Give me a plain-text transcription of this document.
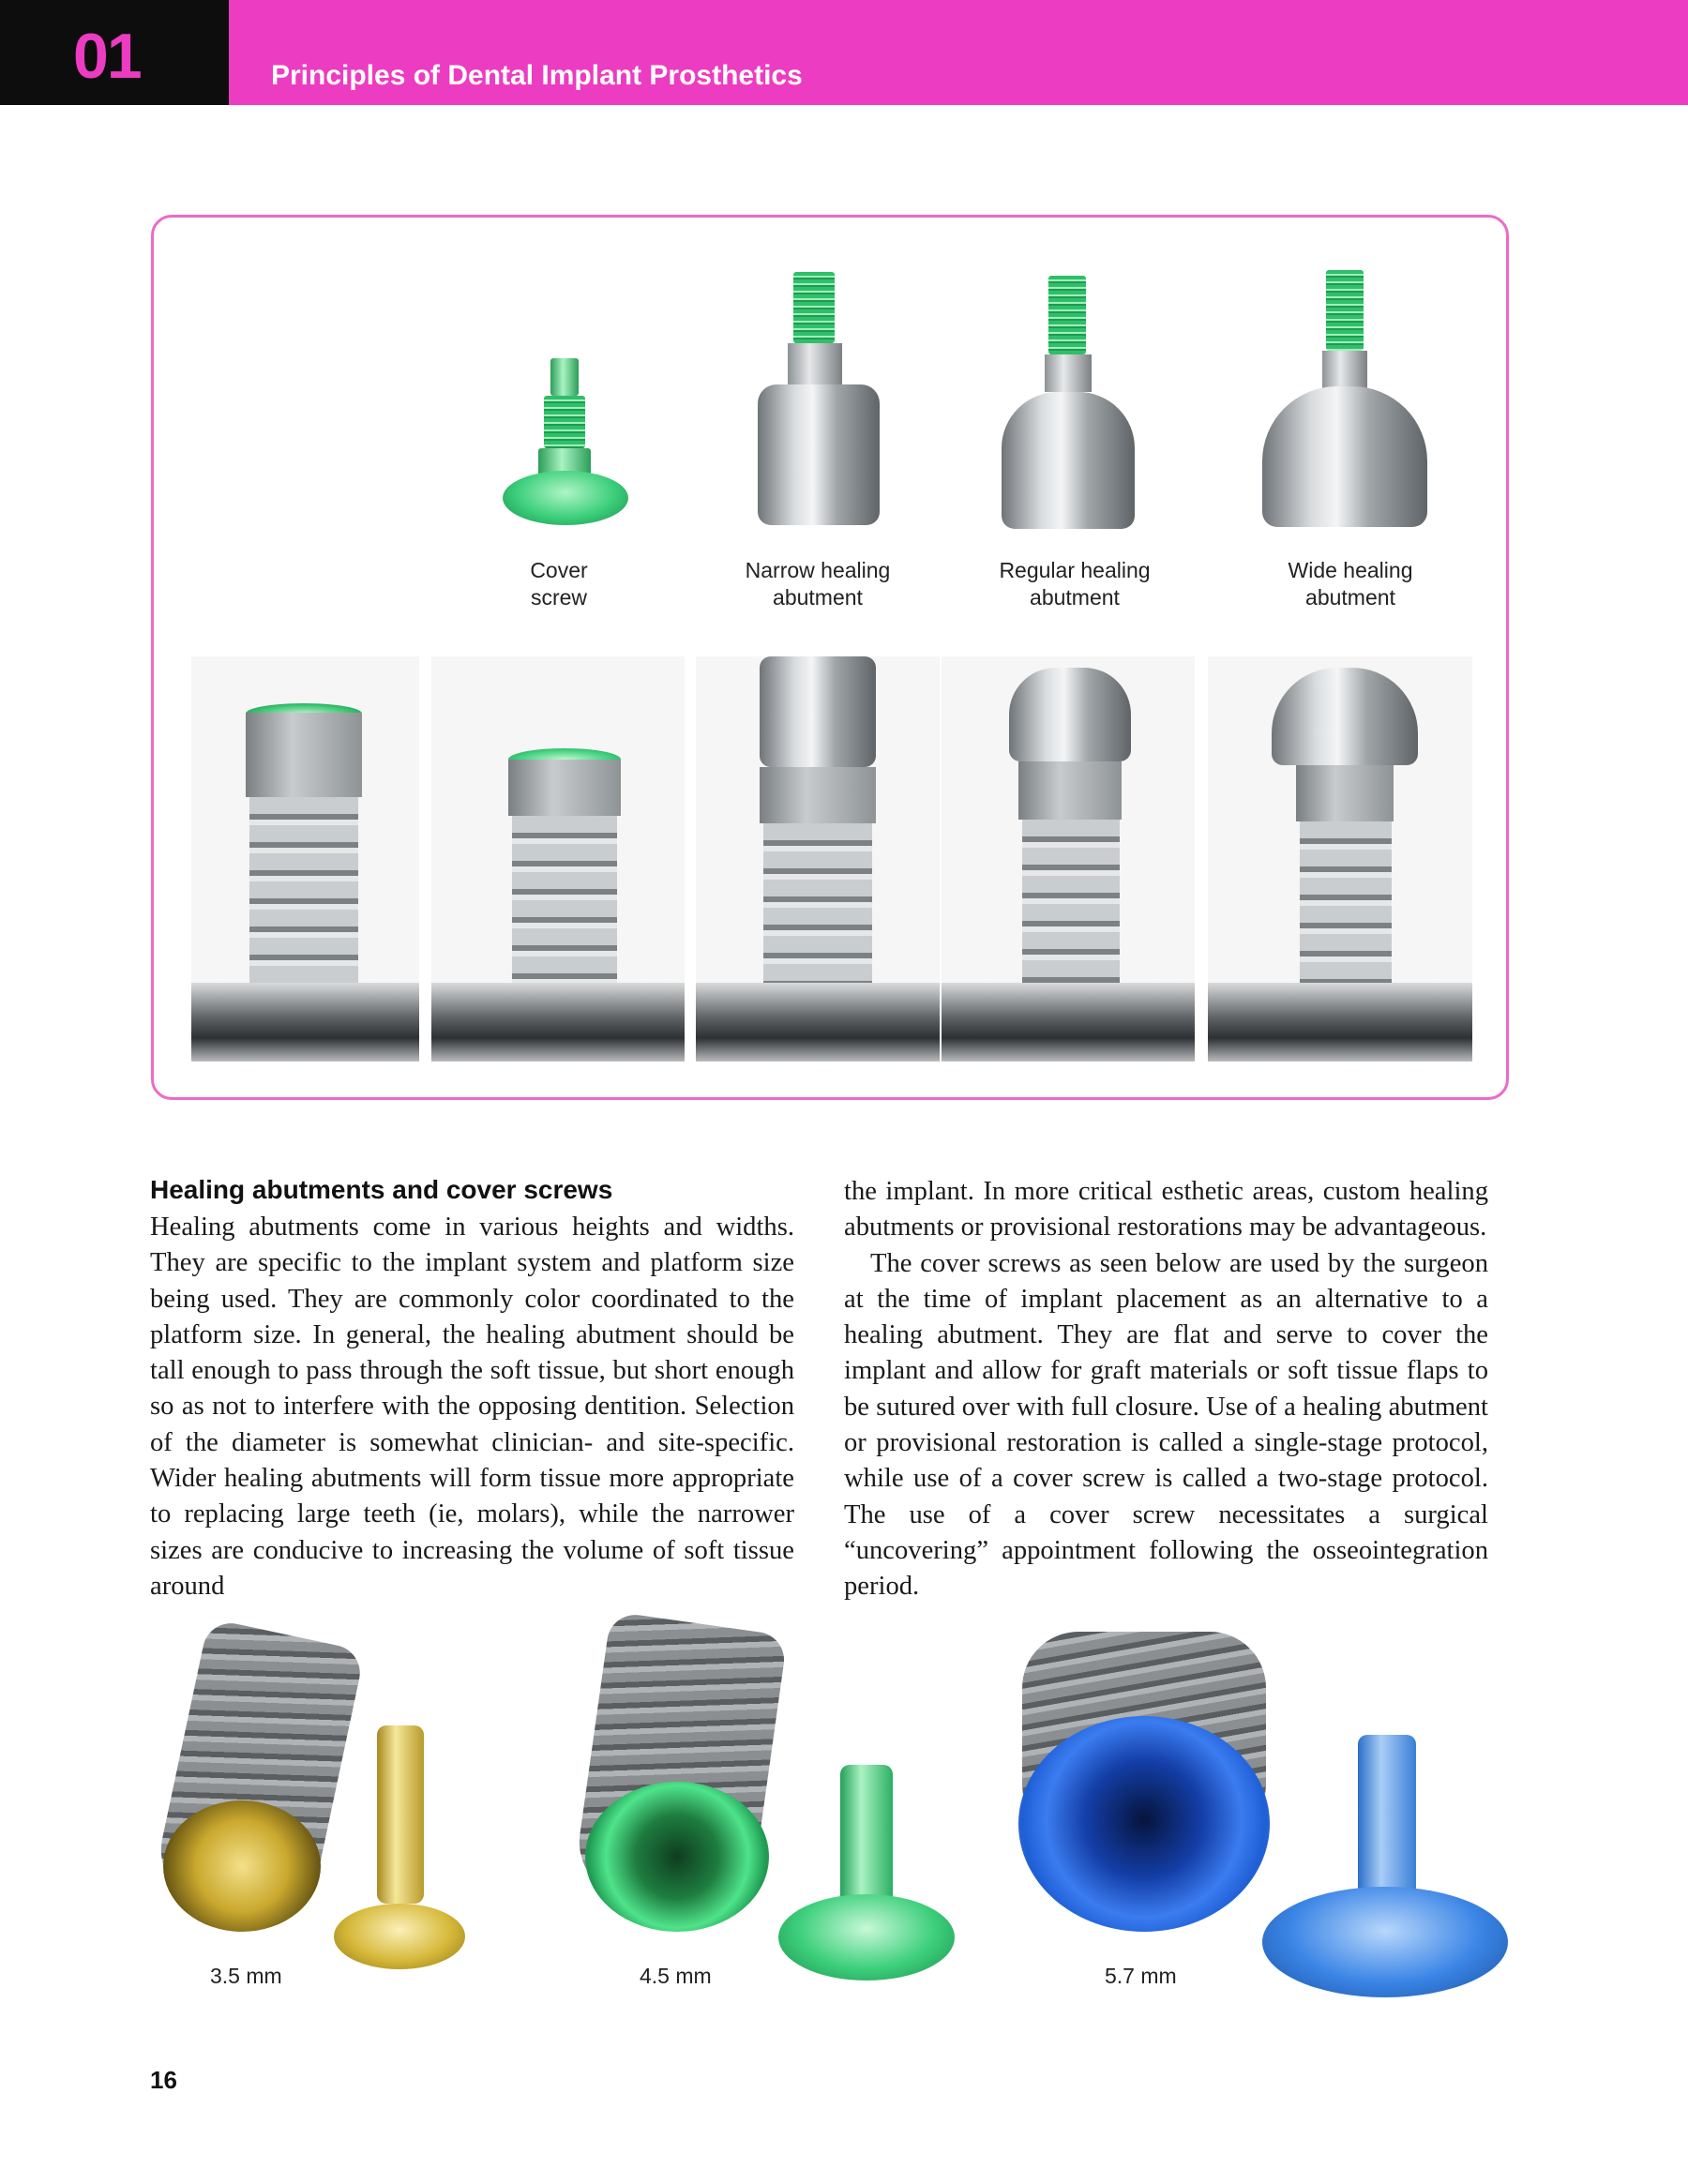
01	Principles of Dental Implant Prosthetics
Cover
screw
Narrow healing
abutment
Regular healing
abutment
Wide healing
abutment
Healing abutments and cover screws

Healing abutments come in various heights and widths. They are specific to the implant system and platform size being used. They are commonly color coordinated to the platform size. In general, the healing abutment should be tall enough to pass through the soft tissue, but short enough so as not to interfere with the opposing dentition. Selection of the diameter is somewhat clinician- and site-specific. Wider healing abutments will form tissue more appropriate to replacing large teeth (ie, molars), while the narrower sizes are conducive to increasing the volume of soft tissue around

the implant. In more critical esthetic areas, custom healing abutments or provisional restorations may be advantageous.

The cover screws as seen below are used by the surgeon at the time of implant placement as an alternative to a healing abutment. They are flat and serve to cover the implant and allow for graft materials or soft tissue flaps to be sutured over with full closure. Use of a healing abutment or provisional restoration is called a single-stage protocol, while use of a cover screw is called a two-stage protocol. The use of a cover screw necessitates a surgical “uncovering” appointment following the osseointegration period.

3.5 mm	4.5 mm	5.7 mm
16
